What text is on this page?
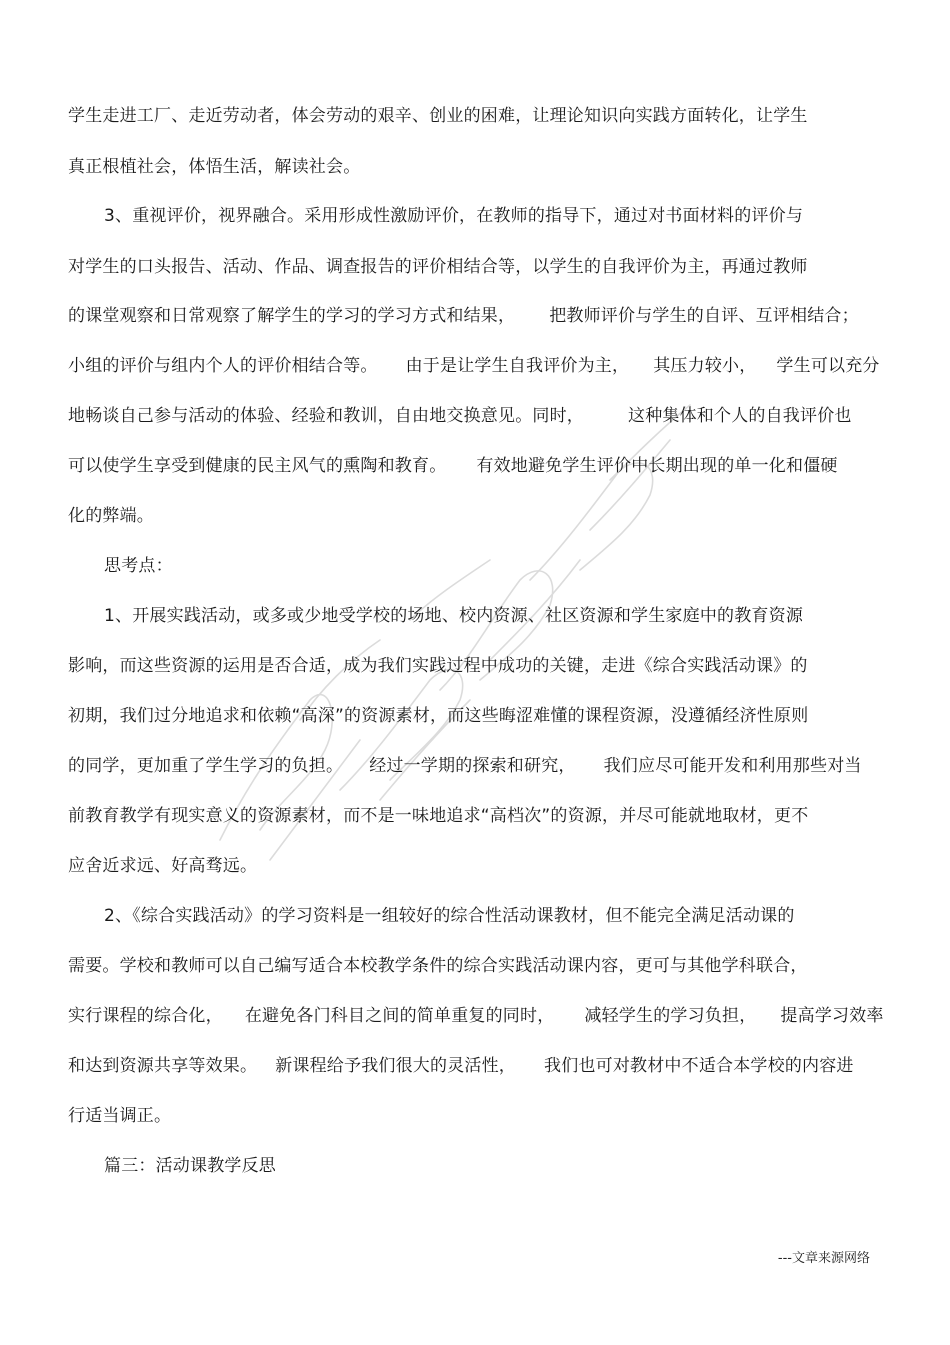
学生走进工厂、走近劳动者，体会劳动的艰辛、创业的困难，让理论知识向实践方面转化，让学生
真正根植社会，体悟生活，解读社会。
3、重视评价，视界融合。采用形成性激励评价，在教师的指导下，通过对书面材料的评价与
对学生的口头报告、活动、作品、调查报告的评价相结合等，以学生的自我评价为主，再通过教师
的课堂观察和日常观察了解学生的学习的学习方式和结果， 把教师评价与学生的自评、互评相结合；
小组的评价与组内个人的评价相结合等。 由于是让学生自我评价为主， 其压力较小， 学生可以充分
地畅谈自己参与活动的体验、经验和教训，自由地交换意见。同时，	这种集体和个人的自我评价也
可以使学生享受到健康的民主风气的熏陶和教育。 有效地避免学生评价中长期出现的单一化和僵硬
化的弊端。
思考点：
1、开展实践活动，或多或少地受学校的场地、校内资源、社区资源和学生家庭中的教育资源
影响，而这些资源的运用是否合适，成为我们实践过程中成功的关键，走进《综合实践活动课》的
初期，我们过分地追求和依赖“高深”的资源素材，而这些晦涩难懂的课程资源，没遵循经济性原则
的同学，更加重了学生学习的负担。 经过一学期的探索和研究， 我们应尽可能开发和利用那些对当
前教育教学有现实意义的资源素材，而不是一味地追求“高档次”的资源，并尽可能就地取材，更不
应舍近求远、好高骛远。
2、《综合实践活动》的学习资料是一组较好的综合性活动课教材，但不能完全满足活动课的
需要。学校和教师可以自己编写适合本校教学条件的综合实践活动课内容，更可与其他学科联合，
实行课程的综合化， 在避免各门科目之间的简单重复的同时， 减轻学生的学习负担， 提高学习效率
和达到资源共享等效果。 新课程给予我们很大的灵活性， 我们也可对教材中不适合本学校的内容进
行适当调正。
篇三：活动课教学反思
---文章来源网络
